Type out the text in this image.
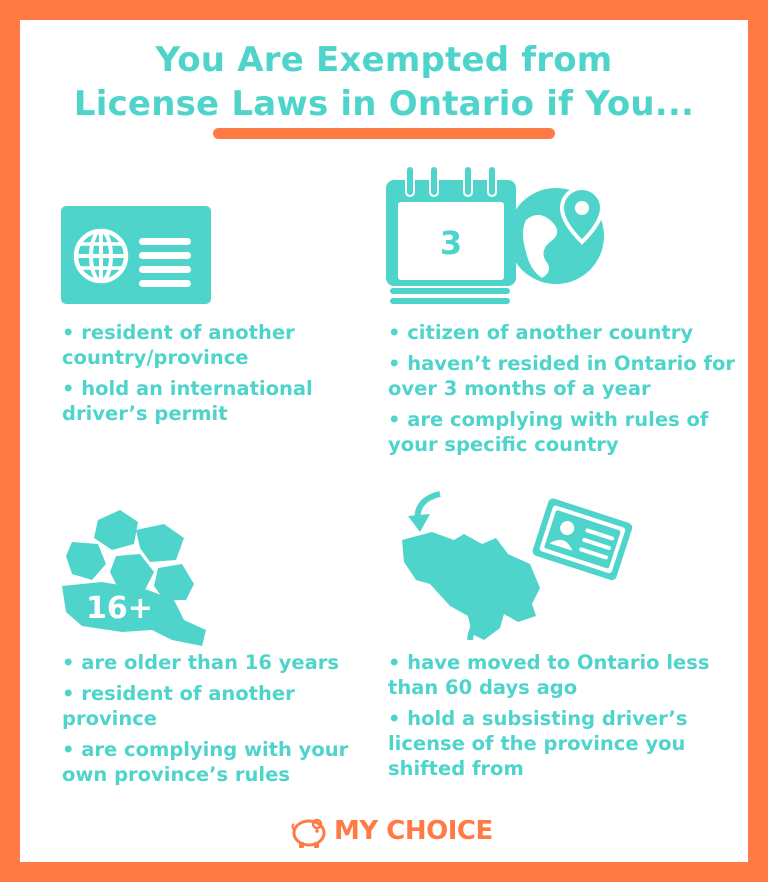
You Are Exempted from
License Laws in Ontario if You...

• resident of another country/province

• hold an international driver’s permit

3

• citizen of another country

• haven’t resided in Ontario for over 3 months of a year

• are complying with rules of your specific country

16+

• are older than 16 years

• resident of another province

• are complying with your own province’s rules

• have moved to Ontario less than 60 days ago

• hold a subsisting driver’s license of the province you shifted from

MY CHOICE
